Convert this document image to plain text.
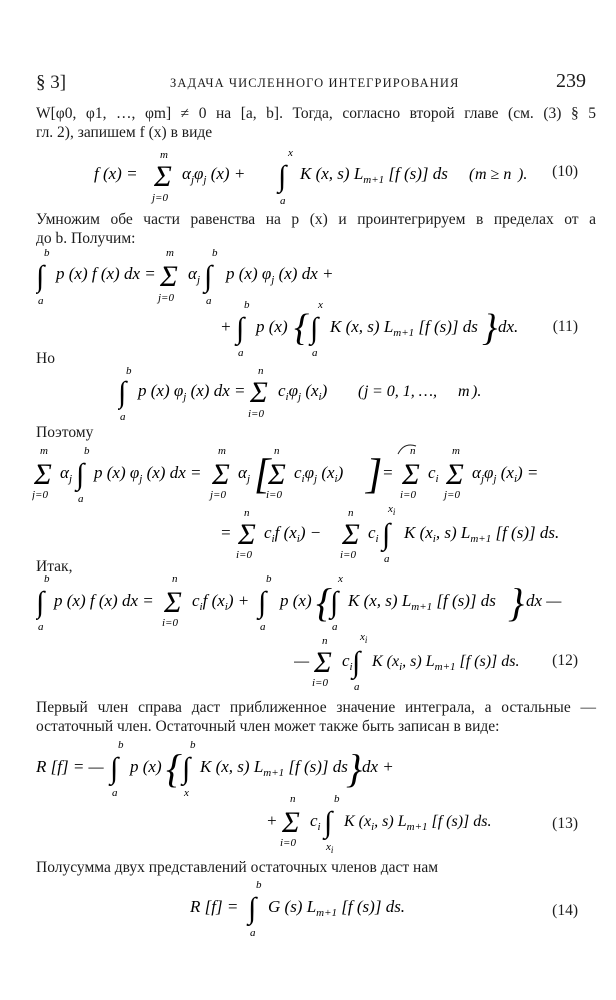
§ 3]	ЗАДАЧА ЧИСЛЕННОГО ИНТЕГРИРОВАНИЯ	239
W[φ0, φ1, …, φm] ≠ 0 на [a, b]. Тогда, согласно второй главе (см. (3) § 5
гл. 2), запишем f (x) в виде
f (x) =
m
Σ
j=0
$\alpha_j\varphi_j$ (x) + ∫
x
a
K (x, s) $L_{m+1}$ [f (s)] ds ( m ≥ n ). (10)
Умножим обе части равенства на p (x) и проинтегрируем в пределах от a
до b. Получим:
∫
b
a
p (x) f (x) dx =
m
Σ
j=0
$\alpha_j$ ∫
b
a
p (x) $\varphi_j$ (x) dx +
+ ∫
b
a
p (x) { ∫
x
a
K (x, s) $L_{m+1}$ [f (s)] ds } dx. (11)
Но
∫
b
a
p (x) $\varphi_j$ (x) dx =
n
Σ
i=0
$c_i\varphi_j$ $(x_i)$ ( j = 0, 1, …, m ).
Поэтому
m
Σ
j=0
$\alpha_j$ ∫
b
a
p (x) $\varphi_j$ (x) dx =
m
Σ
j=0
$\alpha_j$ [
n
Σ
i=0
$c_i\varphi_j$ $(x_i)$ ] =
n
Σ
i=0
$c_i$
m
Σ
j=0
$\alpha_j\varphi_j$ $(x_i)$ =
=
n
Σ
i=0
$c_if$ $(x_i)$ −
n
Σ
i=0
$c_i$ ∫
$x_i$
a
K ($x_i$, s) $L_{m+1}$ [f (s)] ds.
Итак,
∫
b
a
p (x) f (x) dx =
n
Σ
i=0
$c_if$ $(x_i)$ + ∫
b
a
p (x) {
∫
x
a
K (x, s) $L_{m+1}$ [f (s)] ds } dx —
—
n
Σ
i=0
$c_i$ ∫
$x_i$
a
K ($x_i$, s) $L_{m+1}$ [f (s)] ds. (12)
Первый член справа даст приближенное значение интеграла, а остальные —
остаточный член. Остаточный член может также быть записан в виде:
R [f] = — ∫
b
a
p (x) { ∫
b
x
K (x, s) $L_{m+1}$ [f (s)] ds
} dx +
+
n
Σ
i=0
$c_i$ ∫
b
$x_i$
K ($x_i$, s) $L_{m+1}$ [f (s)] ds.	(13)
Полусумма двух представлений остаточных членов даст нам
R [f] = ∫
b
a
G (s) $L_{m+1}$ [f (s)] ds.	(14)
